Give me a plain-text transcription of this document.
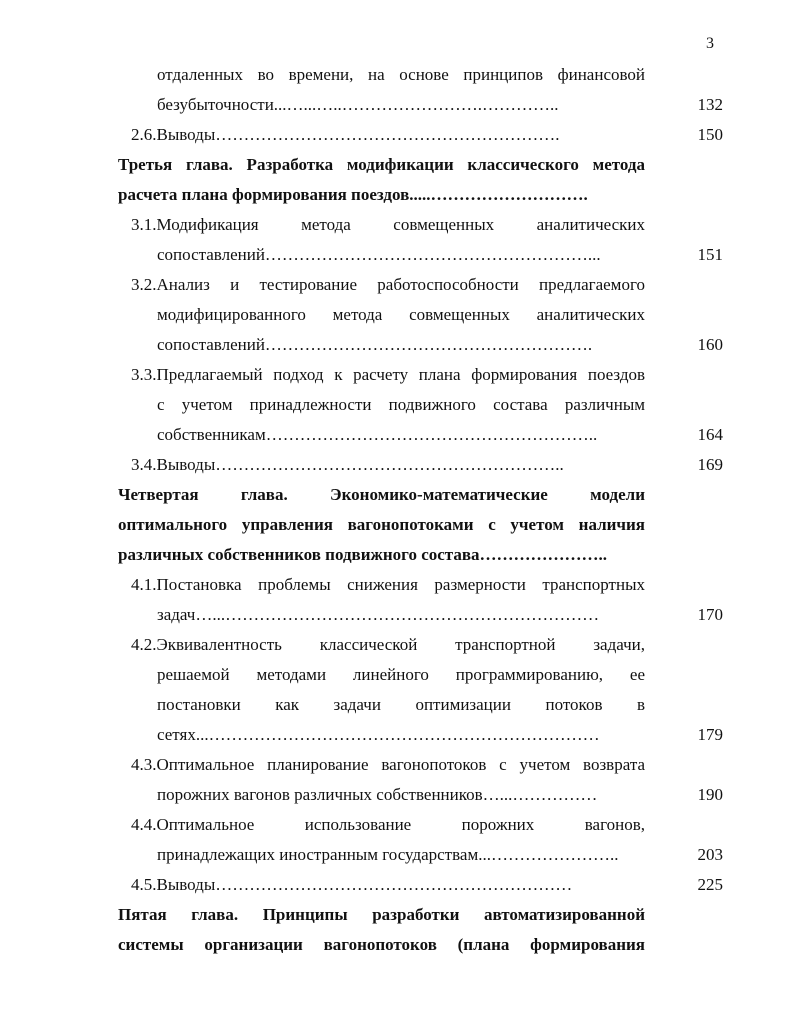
3
отдаленных во времени, на основе принципов финансовой
безубыточности...…...…..…………………….…………..	132
2.6.Выводы…………………………………………………….	150
Третья глава. Разработка модификации классического метода
расчета плана формирования поездов.....……………………….
3.1.Модификация метода совмещенных аналитических
сопоставлений…………………………………………………...	151
3.2.Анализ и тестирование работоспособности предлагаемого
модифицированного метода совмещенных аналитических
сопоставлений………………………………………………….	160
3.3.Предлагаемый подход к расчету плана формирования поездов
с учетом принадлежности подвижного состава различным
собственникам…………………………………………………..	164
3.4.Выводы……………………………………………………..	169
Четвертая глава. Экономико-математические модели
оптимального управления вагонопотоками с учетом наличия
различных собственников подвижного состава…………………..
4.1.Постановка проблемы снижения размерности транспортных
задач…...…………………………………………………………	170
4.2.Эквивалентность классической транспортной задачи,
решаемой методами линейного программированию, ее
постановки как задачи оптимизации потоков в
сетях...……………………………………………………………	179
4.3.Оптимальное планирование вагонопотоков с учетом возврата
порожних вагонов различных собственников…...……………	190
4.4.Оптимальное использование порожних вагонов,
принадлежащих иностранным государствам...…………………..	203
4.5.Выводы………………………………………………………	225
Пятая глава. Принципы разработки автоматизированной
системы организации вагонопотоков (плана формирования
